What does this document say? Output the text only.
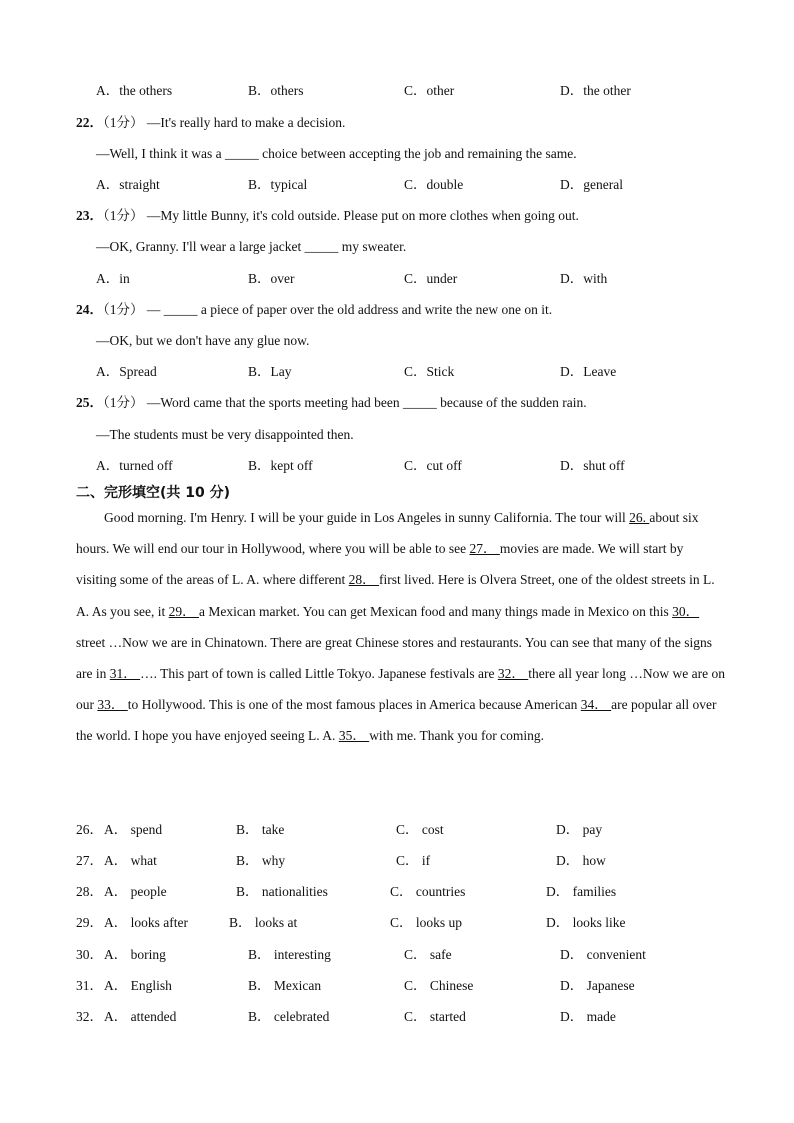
A．the others	B．others	C．other	D．the other
22．（1分） —It's really hard to make a decision.
—Well, I think it was a _____ choice between accepting the job and remaining the same.
A．straight	B．typical	C．double	D．general
23．（1分） —My little Bunny, it's cold outside. Please put on more clothes when going out.
—OK, Granny. I'll wear a large jacket _____ my sweater.
A．in	B．over	C．under	D．with
24．（1分） — _____ a piece of paper over the old address and write the new one on it.
—OK, but we don't have any glue now.
A．Spread	B．Lay	C．Stick	D．Leave
25．（1分） —Word came that the sports meeting had been _____ because of the sudden rain.
—The students must be very disappointed then.
A．turned off	B．kept off	C．cut off	D．shut off
二、完形填空(共 10 分)

Good morning. I'm Henry. I will be your guide in Los Angeles in sunny California. The tour will 26. about six hours. We will end our tour in Hollywood, where you will be able to see 27． movies are made. We will start by visiting some of the areas of L. A. where different 28． first lived. Here is Olvera Street, one of the oldest streets in L. A. As you see, it 29． a Mexican market. You can get Mexican food and many things made in Mexico on this 30． street …Now we are in Chinatown. There are great Chinese stores and restaurants. You can see that many of the signs are in 31． …. This part of town is called Little Tokyo. Japanese festivals are 32． there all year long …Now we are on our 33． to Hollywood. This is one of the most famous places in America because American 34． are popular all over the world. I hope you have enjoyed seeing L. A. 35． with me. Thank you for coming.

26． A． spend	B． take	C． cost	D． pay
27． A． what	B． why	C． if	D． how
28． A． people	B． nationalities	C． countries	D． families
29． A． looks after	B． looks at	C． looks up	D． looks like
30． A． boring	B． interesting	C． safe	D． convenient
31． A． English	B． Mexican	C． Chinese	D． Japanese
32． A． attended	B． celebrated	C． started	D． made
